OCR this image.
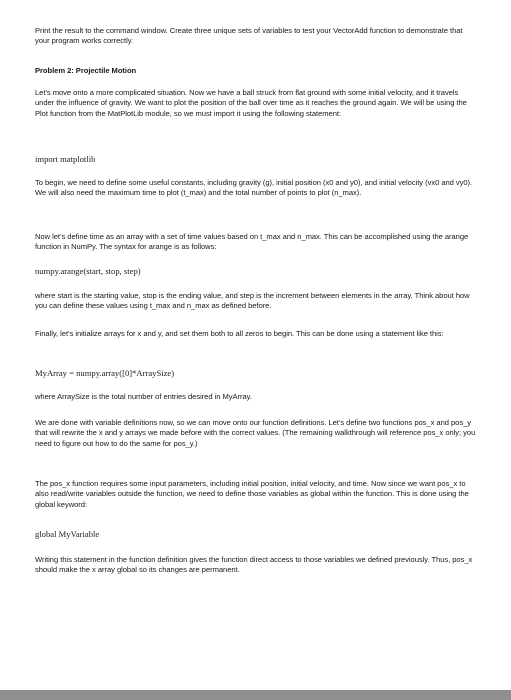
Print the result to the command window. Create three unique sets of variables to test your VectorAdd function to demonstrate that your program works correctly.

Problem 2: Projectile Motion

Let’s move onto a more complicated situation. Now we have a ball struck from flat ground with some initial velocity, and it travels under the influence of gravity. We want to plot the position of the ball over time as it reaches the ground again. We will be using the Plot function from the MatPlotLib module, so we must import it using the following statement:

import matplotlib

To begin, we need to define some useful constants, including gravity (g), initial position (x0 and y0), and initial velocity (vx0 and vy0). We will also need the maximum time to plot (t_max) and the total number of points to plot (n_max).

Now let’s define time as an array with a set of time values based on t_max and n_max. This can be accomplished using the arange function in NumPy. The syntax for arange is as follows:

numpy.arange(start, stop, step)

where start is the starting value, stop is the ending value, and step is the increment between elements in the array. Think about how you can define these values using t_max and n_max as defined before.

Finally, let’s initialize arrays for x and y, and set them both to all zeros to begin. This can be done using a statement like this:

MyArray = numpy.array([0]*ArraySize)

where ArraySize is the total number of entries desired in MyArray.

We are done with variable definitions now, so we can move onto our function definitions. Let’s define two functions pos_x and pos_y that will rewrite the x and y arrays we made before with the correct values. (The remaining walkthrough will reference pos_x only; you need to figure out how to do the same for pos_y.)

The pos_x function requires some input parameters, including initial position, initial velocity, and time. Now since we want pos_x to also read/write variables outside the function, we need to define those variables as global within the function. This is done using the global keyword:

global MyVariable

Writing this statement in the function definition gives the function direct access to those variables we defined previously. Thus, pos_x should make the x array global so its changes are permanent.
